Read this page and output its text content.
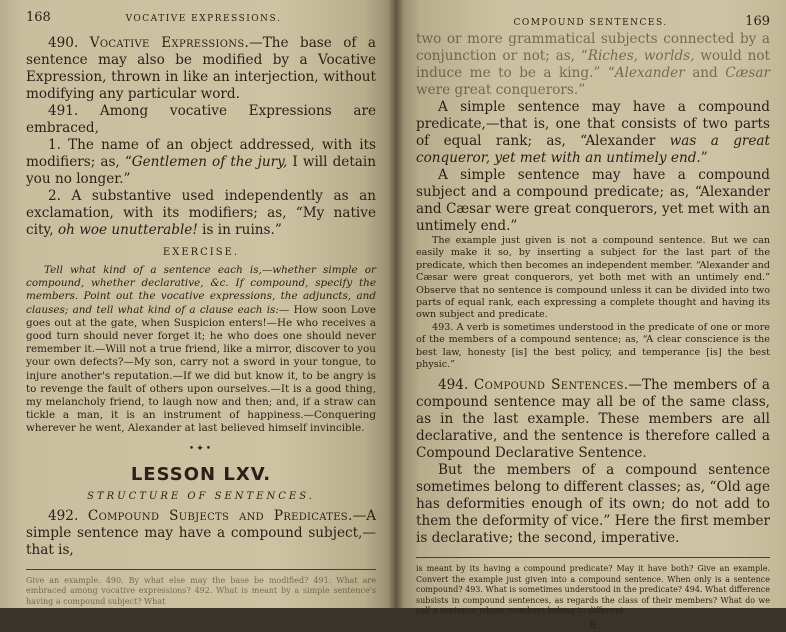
168	VOCATIVE EXPRESSIONS.

490. Vocative Expressions.—The base of a sentence may also be modified by a Vocative Expression, thrown in like an interjection, without modifying any particular word.

491. Among vocative Expressions are embraced,

1. The name of an object addressed, with its modifiers; as, “Gentlemen of the jury, I will detain you no longer.”

2. A substantive used independently as an exclamation, with its modifiers; as, “My native city, oh woe unutterable! is in ruins.”

EXERCISE.

Tell what kind of a sentence each is,—whether simple or compound, whether declarative, &c. If compound, specify the members. Point out the vocative expressions, the adjuncts, and clauses; and tell what kind of a clause each is:— How soon Love goes out at the gate, when Suspicion enters!—He who receives a good turn should never forget it; he who does one should never remember it.—Will not a true friend, like a mirror, discover to you your own defects?—My son, carry not a sword in your tongue, to injure another's reputation.—If we did but know it, to be angry is to revenge the fault of others upon ourselves.—It is a good thing, my melancholy friend, to laugh now and then; and, if a straw can tickle a man, it is an instrument of happiness.—Conquering wherever he went, Alexander at last believed himself invincible.

•✦•
LESSON LXV.
STRUCTURE OF SENTENCES.

492. Compound Subjects and Predicates.—A simple sentence may have a compound subject,—that is,

Give an example. 490. By what else may the base be modified? 491. What are embraced among vocative expressions? 492. What is meant by a simple sentence's having a compound subject? What

COMPOUND SENTENCES.	169

two or more grammatical subjects connected by a conjunction or not; as, “Riches, worlds, would not induce me to be a king.” “Alexander and Cæsar were great conquerors.”

A simple sentence may have a compound predicate,—that is, one that consists of two parts of equal rank; as, “Alexander was a great conqueror, yet met with an untimely end.”

A simple sentence may have a compound subject and a compound predicate; as, “Alexander and Cæsar were great conquerors, yet met with an untimely end.”

The example just given is not a compound sentence. But we can easily make it so, by inserting a subject for the last part of the predicate, which then becomes an independent member. “Alexander and Cæsar were great conquerors, yet both met with an untimely end.” Observe that no sentence is compound unless it can be divided into two parts of equal rank, each expressing a complete thought and having its own subject and predicate.

493. A verb is sometimes understood in the predicate of one or more of the members of a compound sentence; as, “A clear conscience is the best law, honesty [is] the best policy, and temperance [is] the best physic.”

494. Compound Sentences.—The members of a compound sentence may all be of the same class, as in the last example. These members are all declarative, and the sentence is therefore called a Compound Declarative Sentence.

But the members of a compound sentence sometimes belong to different classes; as, “Old age has deformities enough of its own; do not add to them the deformity of vice.” Here the first member is declarative; the second, imperative.

is meant by its having a compound predicate? May it have both? Give an example. Convert the example just given into a compound sentence. When only is a sentence compound? 493. What is sometimes understood in the predicate? 494. What difference subsists in compound sentences, as regards the class of their members? What do we call a sentence whose members belong to different

8
